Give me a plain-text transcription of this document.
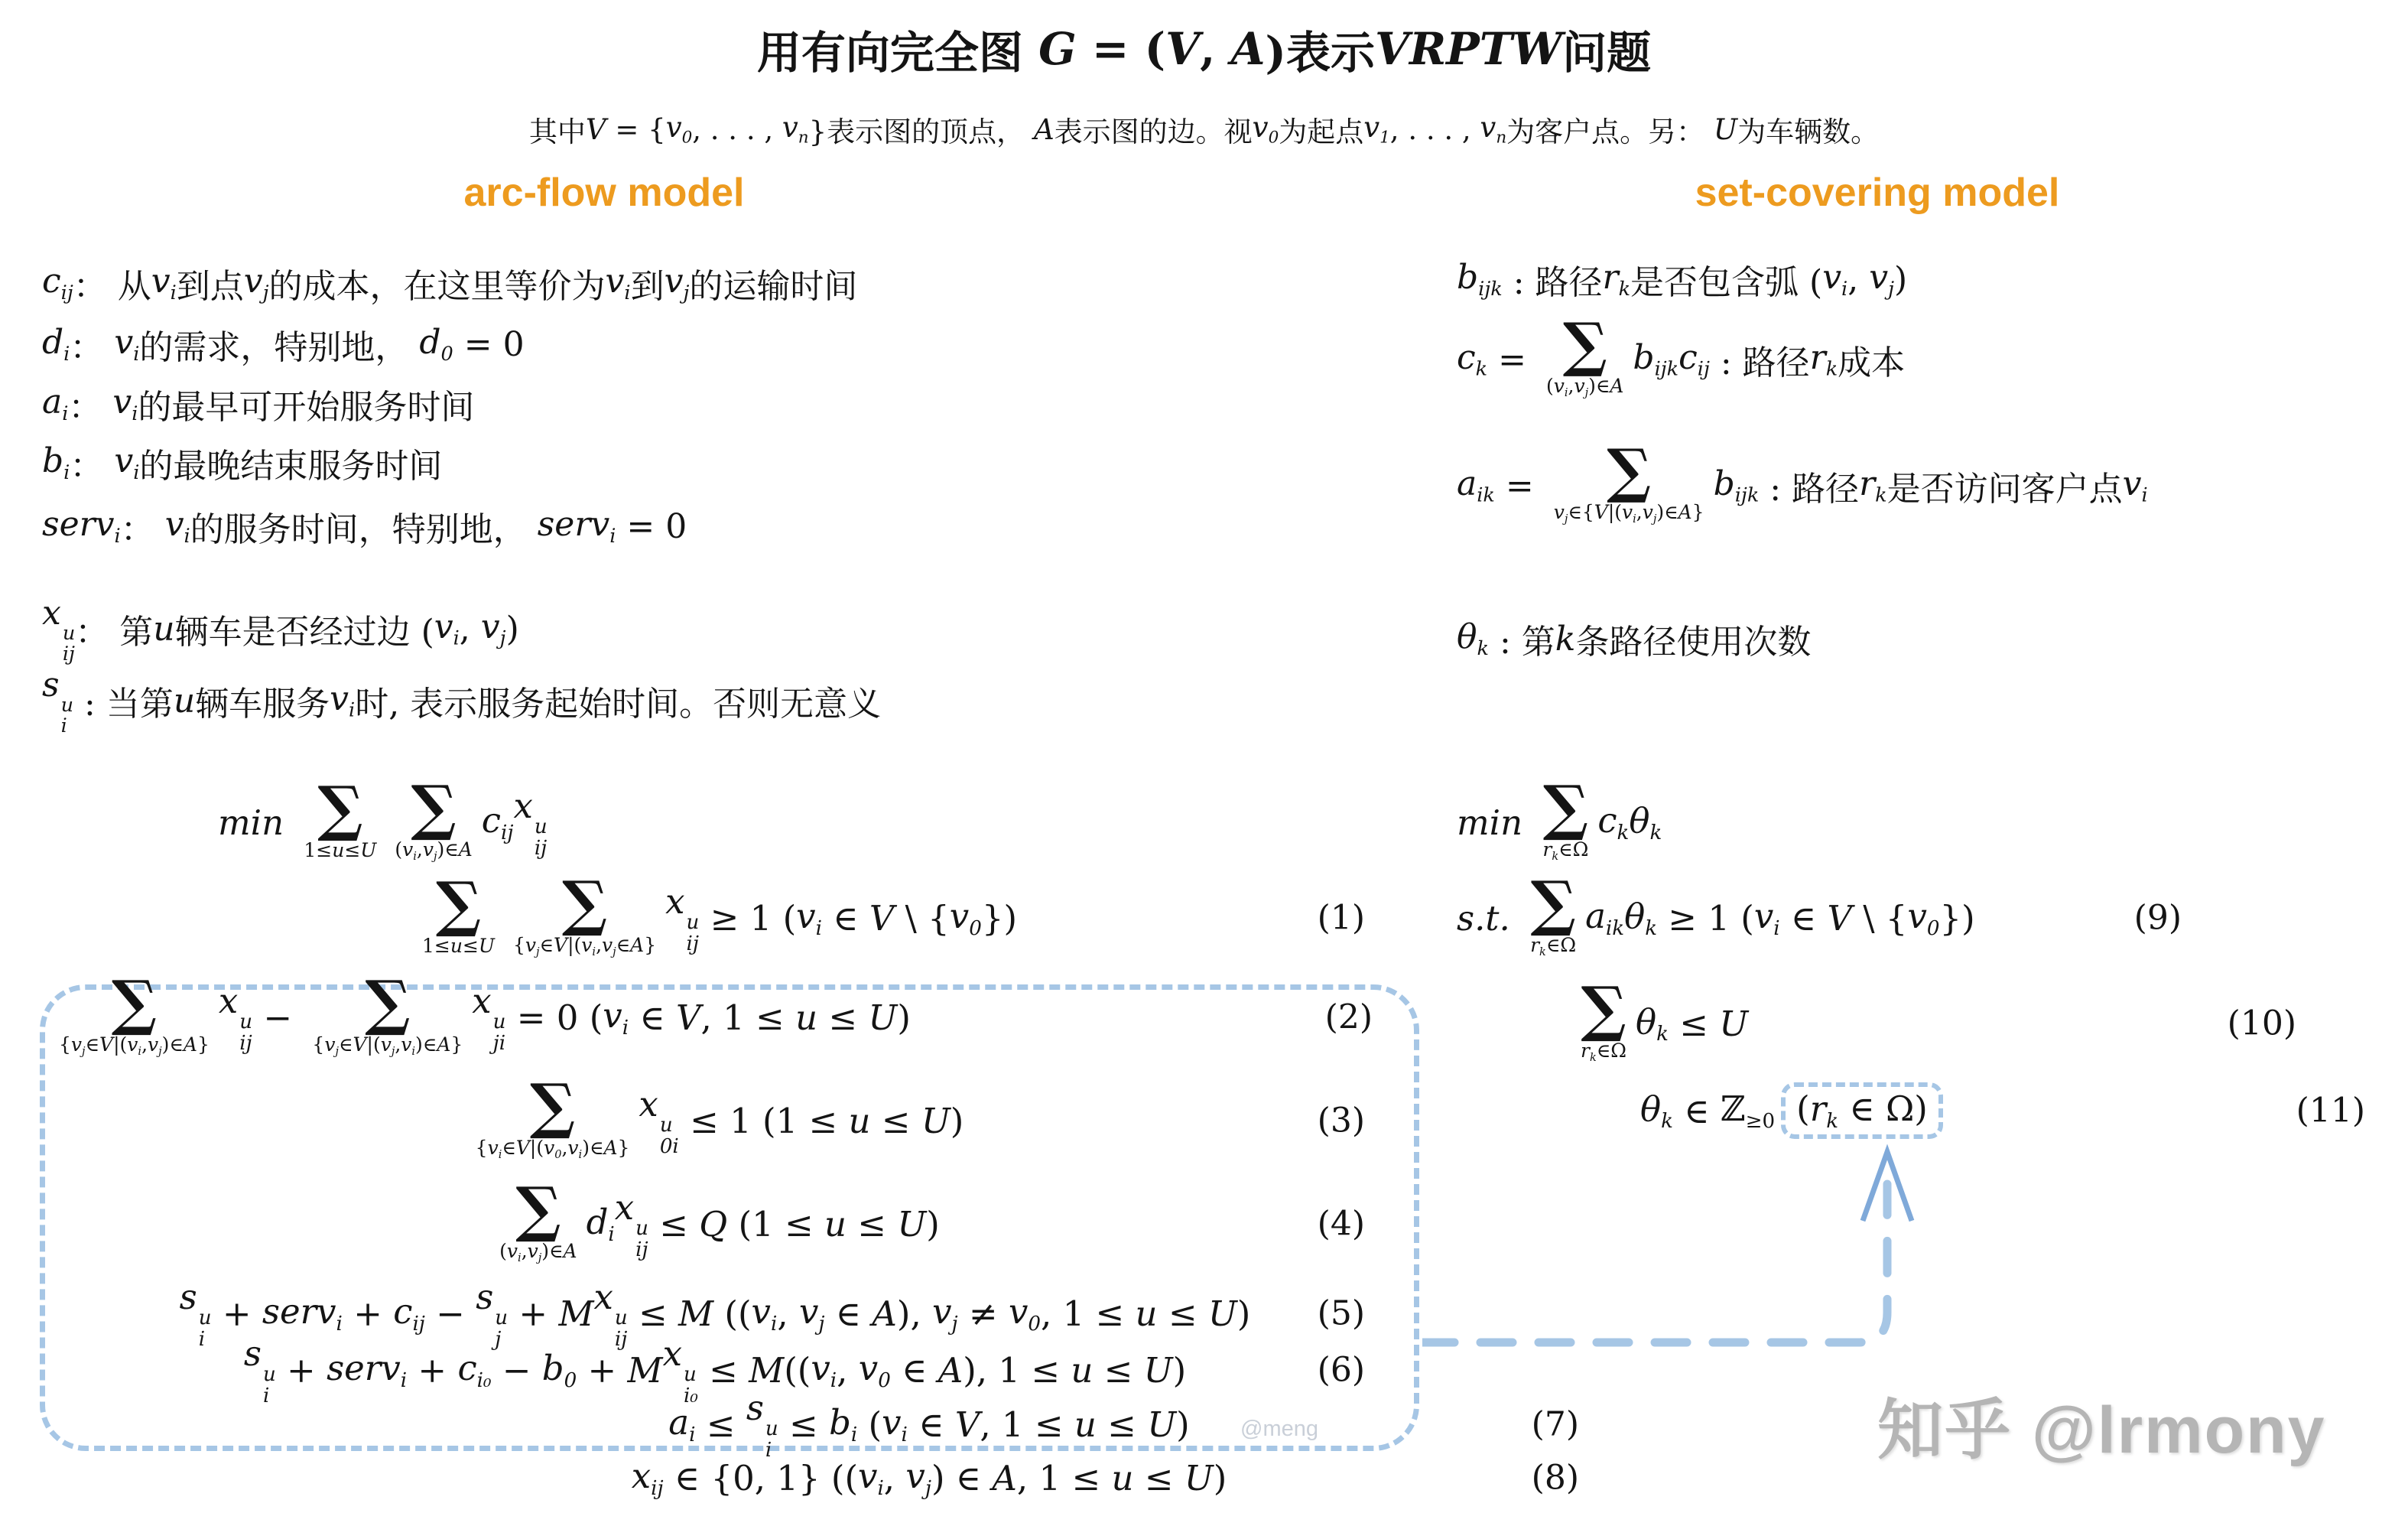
用有向完全图 G = ( V , A )表示 VRPTW 问题
其中 V = { $v_0$ , . . . , $v_n$ }表示图的顶点， A 表示图的边。视 $v_0$ 为起点 $v_1$ , . . . , $v_n$ 为客户点。另： U 为车辆数。
arc-flow model	set-covering model
$c_{ij}$ ： 从 $v_i$ 到点 $v_j$ 的成本，在这里等价为 $v_i$ 到 $v_j$ 的运输时间
$d_i$ ： $v_i$ 的需求，特别地， $d_0 = 0$
$a_i$ ： $v_i$ 的最早可开始服务时间
$b_i$ ： $v_i$ 的最晚结束服务时间
serv$_i$ ： $v_i$ 的服务时间，特别地， serv$_i$ = 0
x
u
ij
： 第 u 辆车是否经过边 ( $v_i$ , $v_j$ )
s
u
i
: 当第 u 辆车服务 $v_i$ 时, 表示服务起始时间。否则无意义
$b_{ijk}$ : 路径 $r_k$ 是否包含弧 ( $v_i$ , $v_j$ )
$c_k$ = ∑
$(v_i,v_j)\in A$
$b_{ijk}$ $c_{ij}$ : 路径 $r_k$ 成本
$a_{ik}$ = ∑
$v_j\in\{V|(v_i,v_j)\in A\}$
$b_{ijk}$ : 路径 $r_k$ 是否访问客户点 $v_i$
$\theta_k$ : 第 k 条路径使用次数
min ∑
1≤u≤U
∑
$(v_i,v_j)\in A$
$c_{ij}$
x
u
ij
(1)
∑
1≤u≤U
∑
{$v_j\in V|(v_i,v_j\in A\}$
x
u
ij
≥ 1 ( $v_i$ ∈ V \ { $v_0$ })
(2)
∑
$\{v_j\in V|(v_i,v_j)\in A\}$
x
u
ij
− ∑
$\{v_j\in V|(v_j,v_i)\in A\}$
x
u
ji
= 0 ( $v_i$ ∈ V , 1 ≤ u ≤ U )
(3)
∑
$\{v_i\in V|(v_0,v_i)\in A\}$
x
u
0i
≤ 1 (1 ≤ u ≤ U )
(4)
∑
$(v_i,v_j)\in A$
$d_i$
x
u
ij
≤ Q (1 ≤ u ≤ U )
(5)
s
u
i
+ serv$_i$ + $c_{ij} - s$
u
j
+ M x
u
ij
≤ M (( $v_i$ , $v_j$ ∈ A ), $v_j \ne v_0$ , 1 ≤ u ≤ U )
(6)
s
u
i
+ serv$_i$ + $c_{i_0} - b_0 + M$ x
u
i₀
≤ M (( $v_i$ , $v_0$ ∈ A ), 1 ≤ u ≤ U )
(7)
$a_i \le s$
u
i
≤ $b_i$ ( $v_i$ ∈ V , 1 ≤ u ≤ U )
(8)
$x_{ij}$ ∈ {0, 1} (( $v_i$ , $v_j$ ) ∈ A , 1 ≤ u ≤ U )
min ∑
$r_k\in\Omega$
$c_k$ $\theta_k$
(9)
s.t. ∑
$r_k\in\Omega$
$a_{ik}$ $\theta_k \ge 1$ ( $v_i$ ∈ V \ { $v_0$ })
(10)
∑
$r_k\in\Omega$
$\theta_k \le U$
(11)
$\theta_k$ ∈ ℤ$_{\ge 0}$ ($r_k$ ∈ Ω)
@meng	知乎 @lrmony
